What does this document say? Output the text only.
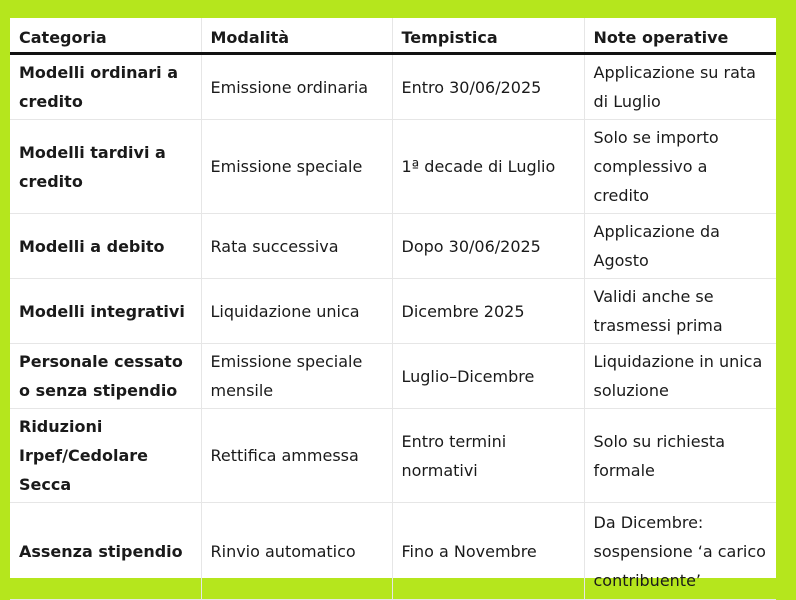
Categoria	Modalità	Tempistica	Note operative
Modelli ordinari a credito	Emissione ordinaria	Entro 30/06/2025	Applicazione su rata di Luglio
Modelli tardivi a credito	Emissione speciale	1ª decade di Luglio	Solo se importo complessivo a credito
Modelli a debito	Rata successiva	Dopo 30/06/2025	Applicazione da Agosto
Modelli integrativi	Liquidazione unica	Dicembre 2025	Validi anche se trasmessi prima
Personale cessato o senza stipendio	Emissione speciale mensile	Luglio–Dicembre	Liquidazione in unica soluzione
Riduzioni Irpef/Cedolare Secca	Rettifica ammessa	Entro termini normativi	Solo su richiesta formale
Assenza stipendio	Rinvio automatico	Fino a Novembre	Da Dicembre: sospensione ‘a carico contribuente’
